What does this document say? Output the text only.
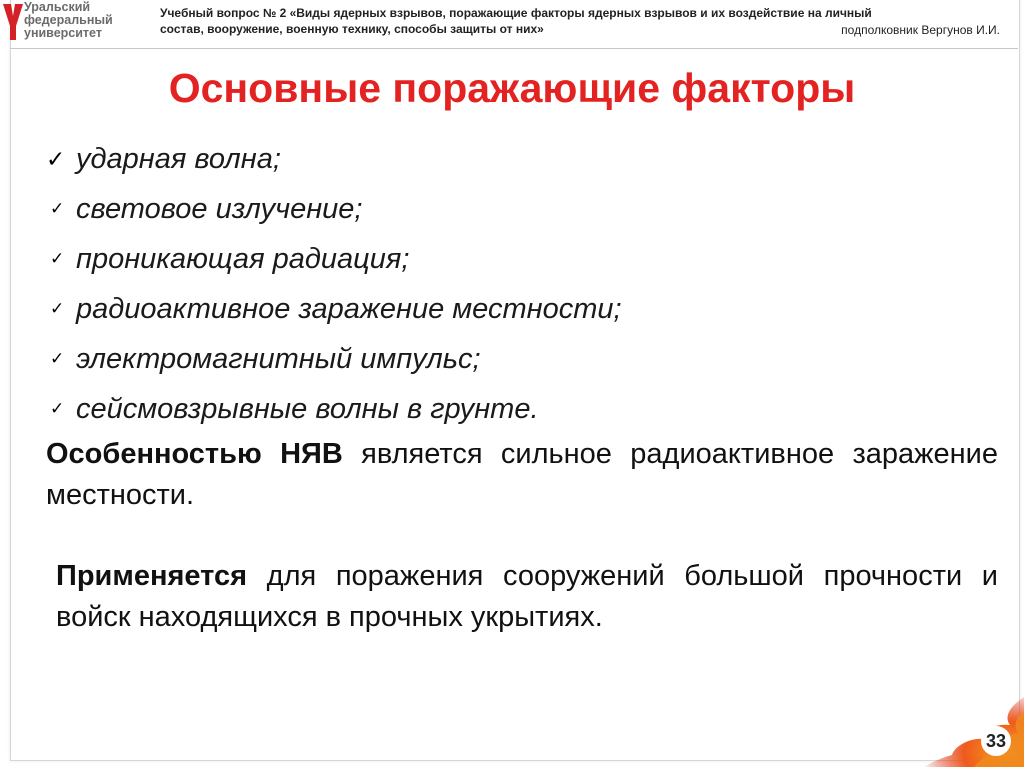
Уральский
федеральный
университет
Учебный вопрос № 2 «Виды ядерных взрывов, поражающие факторы ядерных взрывов и их воздействие на личный
состав, вооружение, военную технику, способы защиты от них»	подполковник Вергунов И.И.
Основные поражающие факторы
✓ ударная волна;
✓ световое излучение;
✓ проникающая радиация;
✓ радиоактивное заражение местности;
✓ электромагнитный импульс;
✓ сейсмовзрывные волны в грунте.
Особенностью НЯВ является сильное радиоактивное заражение местности.
Применяется для поражения сооружений большой прочности и войск находящихся в прочных укрытиях.
33
